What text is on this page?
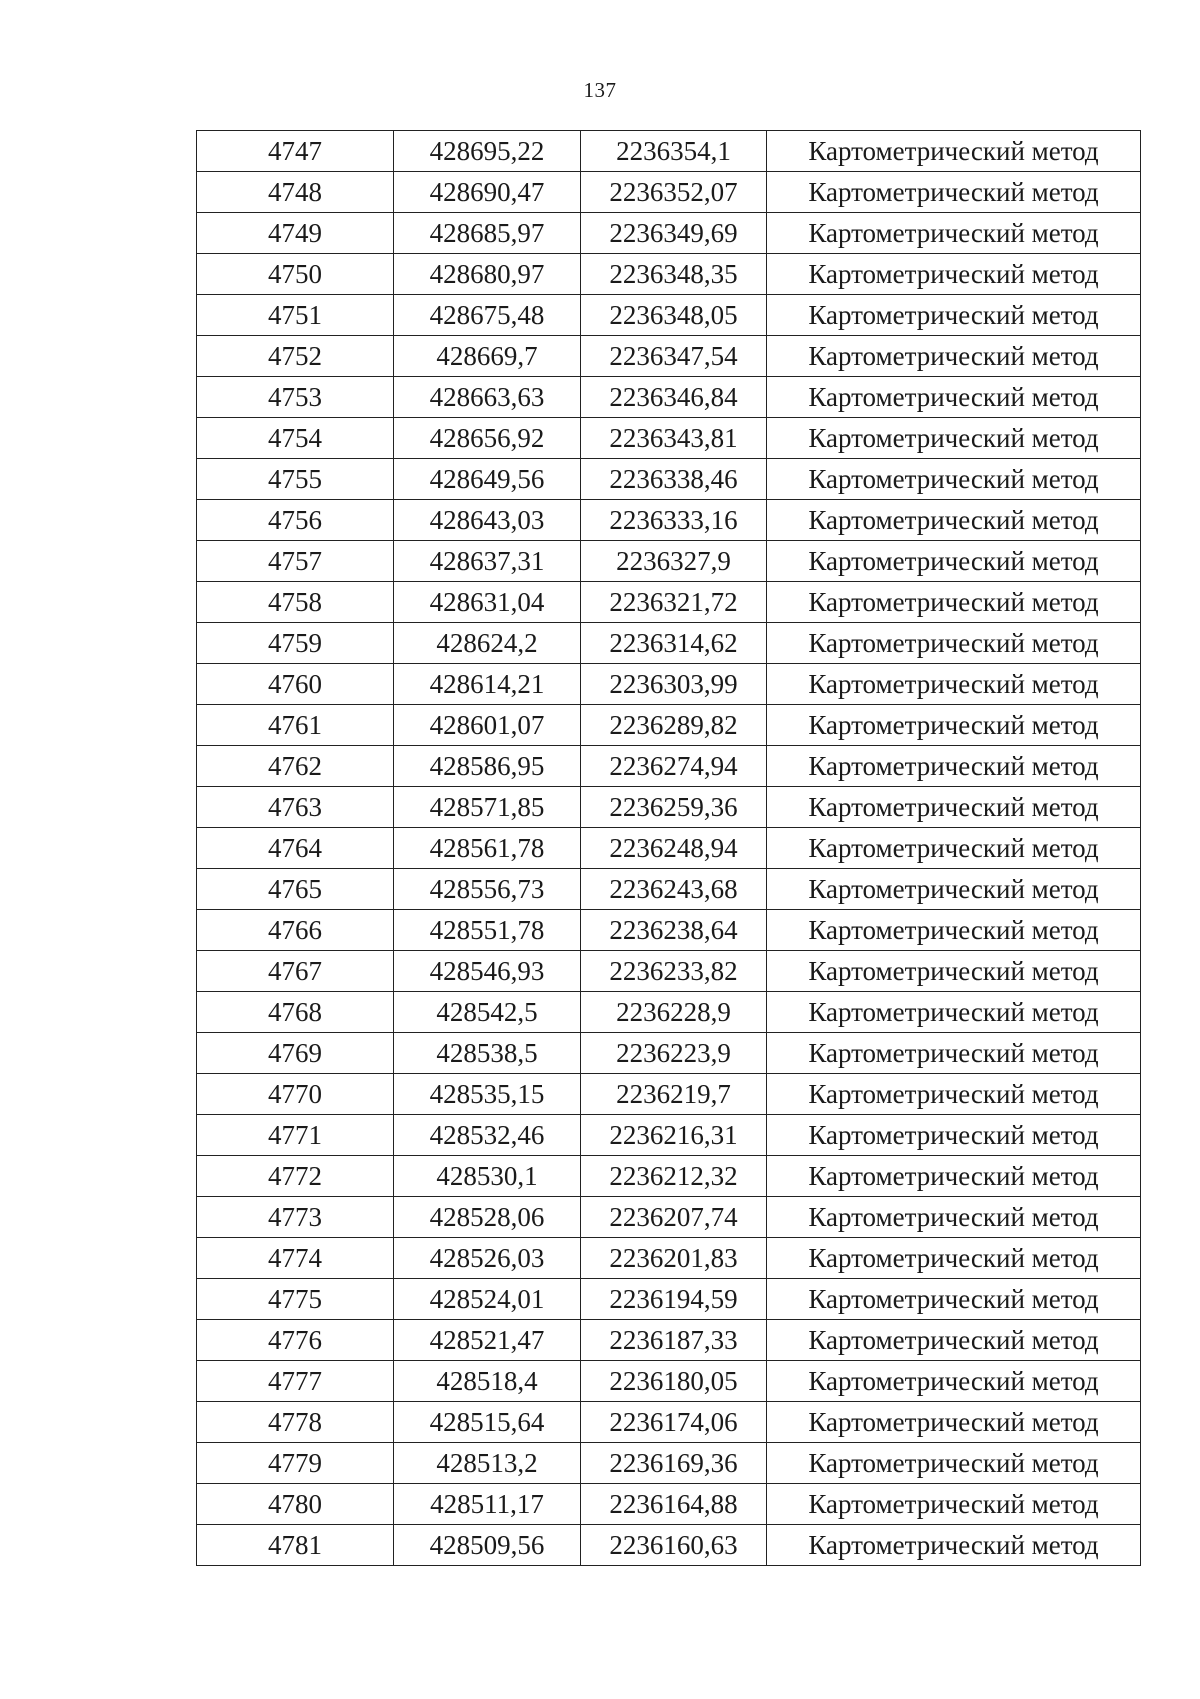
137
4747	428695,22	2236354,1	Картометрический метод
4748	428690,47	2236352,07	Картометрический метод
4749	428685,97	2236349,69	Картометрический метод
4750	428680,97	2236348,35	Картометрический метод
4751	428675,48	2236348,05	Картометрический метод
4752	428669,7	2236347,54	Картометрический метод
4753	428663,63	2236346,84	Картометрический метод
4754	428656,92	2236343,81	Картометрический метод
4755	428649,56	2236338,46	Картометрический метод
4756	428643,03	2236333,16	Картометрический метод
4757	428637,31	2236327,9	Картометрический метод
4758	428631,04	2236321,72	Картометрический метод
4759	428624,2	2236314,62	Картометрический метод
4760	428614,21	2236303,99	Картометрический метод
4761	428601,07	2236289,82	Картометрический метод
4762	428586,95	2236274,94	Картометрический метод
4763	428571,85	2236259,36	Картометрический метод
4764	428561,78	2236248,94	Картометрический метод
4765	428556,73	2236243,68	Картометрический метод
4766	428551,78	2236238,64	Картометрический метод
4767	428546,93	2236233,82	Картометрический метод
4768	428542,5	2236228,9	Картометрический метод
4769	428538,5	2236223,9	Картометрический метод
4770	428535,15	2236219,7	Картометрический метод
4771	428532,46	2236216,31	Картометрический метод
4772	428530,1	2236212,32	Картометрический метод
4773	428528,06	2236207,74	Картометрический метод
4774	428526,03	2236201,83	Картометрический метод
4775	428524,01	2236194,59	Картометрический метод
4776	428521,47	2236187,33	Картометрический метод
4777	428518,4	2236180,05	Картометрический метод
4778	428515,64	2236174,06	Картометрический метод
4779	428513,2	2236169,36	Картометрический метод
4780	428511,17	2236164,88	Картометрический метод
4781	428509,56	2236160,63	Картометрический метод
